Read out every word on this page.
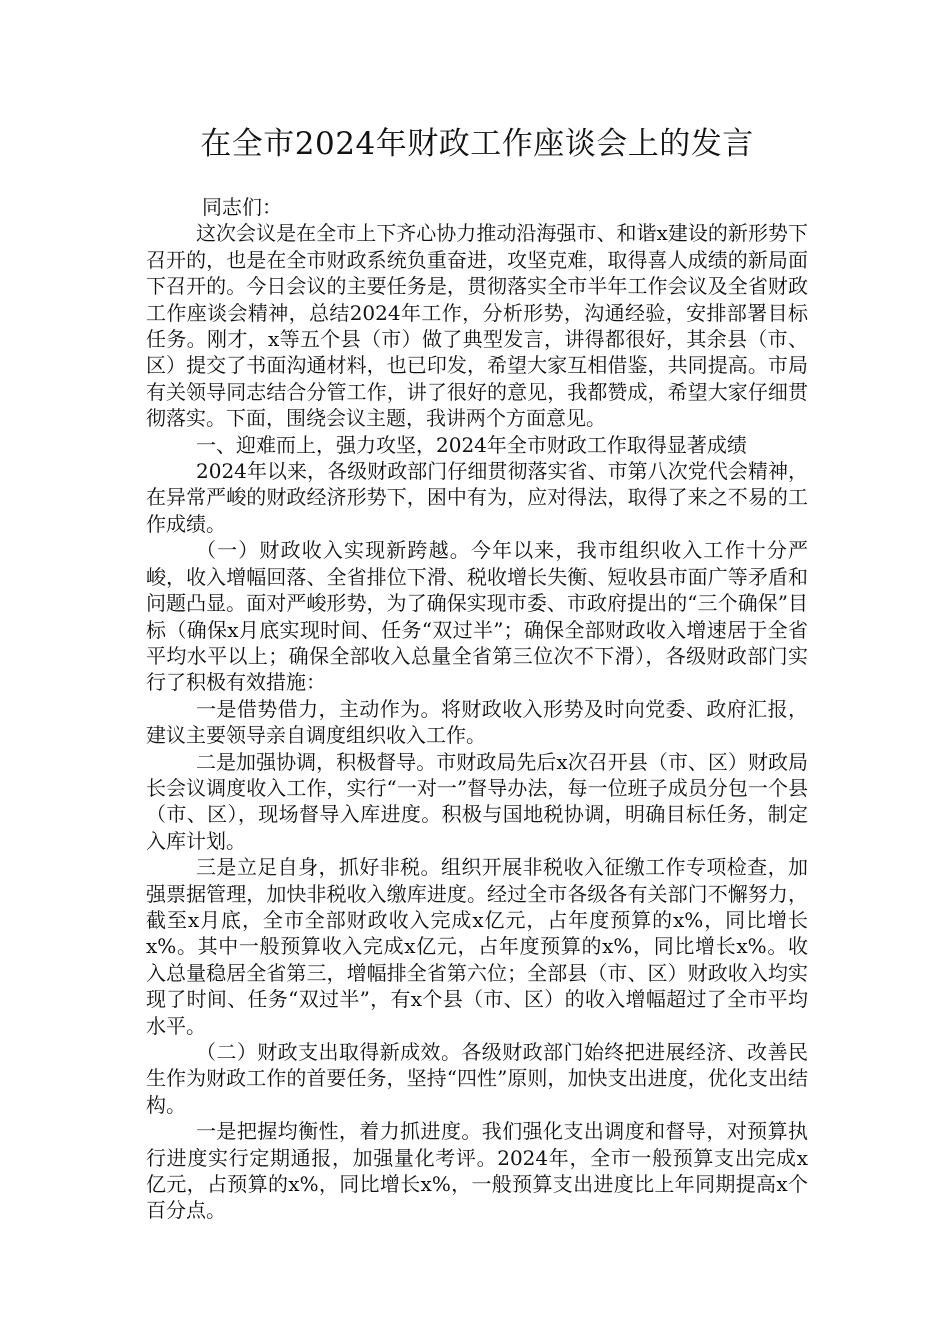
在全市2024年财政工作座谈会上的发言

同志们：

这次会议是在全市上下齐心协力推动沿海强市、和谐x建设的新形势下召开的，也是在全市财政系统负重奋进，攻坚克难，取得喜人成绩的新局面下召开的。今日会议的主要任务是，贯彻落实全市半年工作会议及全省财政工作座谈会精神，总结2024年工作，分析形势，沟通经验，安排部署目标任务。刚才，x等五个县（市）做了典型发言，讲得都很好，其余县（市、区）提交了书面沟通材料，也已印发，希望大家互相借鉴，共同提高。市局有关领导同志结合分管工作，讲了很好的意见，我都赞成，希望大家仔细贯彻落实。下面，围绕会议主题，我讲两个方面意见。

一、迎难而上，强力攻坚，2024年全市财政工作取得显著成绩

2024年以来，各级财政部门仔细贯彻落实省、市第八次党代会精神，在异常严峻的财政经济形势下，困中有为，应对得法，取得了来之不易的工作成绩。

（一）财政收入实现新跨越。今年以来，我市组织收入工作十分严峻，收入增幅回落、全省排位下滑、税收增长失衡、短收县市面广等矛盾和问题凸显。面对严峻形势，为了确保实现市委、市政府提出的“三个确保”目标（确保x月底实现时间、任务“双过半”；确保全部财政收入增速居于全省平均水平以上；确保全部收入总量全省第三位次不下滑），各级财政部门实行了积极有效措施：

一是借势借力，主动作为。将财政收入形势及时向党委、政府汇报，建议主要领导亲自调度组织收入工作。

二是加强协调，积极督导。市财政局先后x次召开县（市、区）财政局长会议调度收入工作，实行“一对一”督导办法，每一位班子成员分包一个县（市、区），现场督导入库进度。积极与国地税协调，明确目标任务，制定入库计划。

三是立足自身，抓好非税。组织开展非税收入征缴工作专项检查，加强票据管理，加快非税收入缴库进度。经过全市各级各有关部门不懈努力，截至x月底，全市全部财政收入完成x亿元，占年度预算的x%，同比增长x%。其中一般预算收入完成x亿元，占年度预算的x%，同比增长x%。收入总量稳居全省第三，增幅排全省第六位；全部县（市、区）财政收入均实现了时间、任务“双过半”，有x个县（市、区）的收入增幅超过了全市平均水平。

（二）财政支出取得新成效。各级财政部门始终把进展经济、改善民生作为财政工作的首要任务，坚持“四性”原则，加快支出进度，优化支出结构。

一是把握均衡性，着力抓进度。我们强化支出调度和督导，对预算执行进度实行定期通报，加强量化考评。2024年，全市一般预算支出完成x亿元，占预算的x%，同比增长x%，一般预算支出进度比上年同期提高x个百分点。
